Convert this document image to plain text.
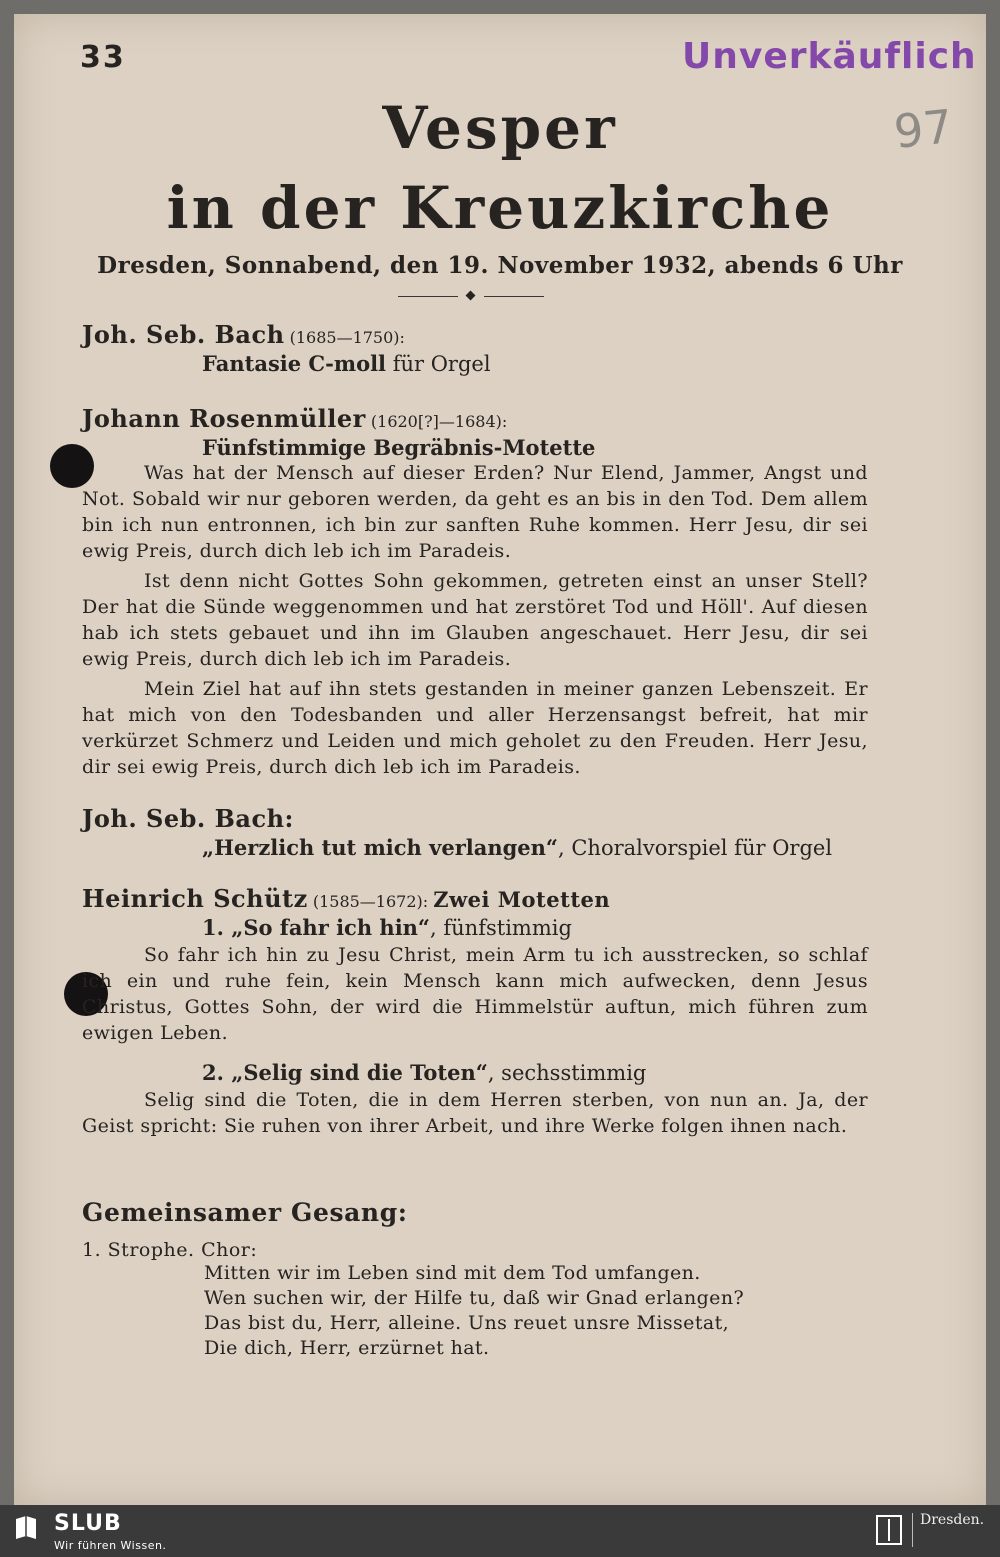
33	Unverkäuflich
97
Vesper
in der Kreuzkirche
Dresden, Sonnabend, den 19. November 1932, abends 6 Uhr
Joh. Seb. Bach (1685—1750):
Fantasie C-moll für Orgel
Johann Rosenmüller (1620[?]—1684):
Fünfstimmige Begräbnis-Motette

Was hat der Mensch auf dieser Erden? Nur Elend, Jammer, Angst und Not. Sobald wir nur geboren werden, da geht es an bis in den Tod. Dem allem bin ich nun entronnen, ich bin zur sanften Ruhe kommen. Herr Jesu, dir sei ewig Preis, durch dich leb ich im Paradeis.

Ist denn nicht Gottes Sohn gekommen, getreten einst an unser Stell? Der hat die Sünde weggenommen und hat zerstöret Tod und Höll'. Auf diesen hab ich stets gebauet und ihn im Glauben angeschauet. Herr Jesu, dir sei ewig Preis, durch dich leb ich im Paradeis.

Mein Ziel hat auf ihn stets gestanden in meiner ganzen Lebenszeit. Er hat mich von den Todesbanden und aller Herzensangst befreit, hat mir verkürzet Schmerz und Leiden und mich geholet zu den Freuden. Herr Jesu, dir sei ewig Preis, durch dich leb ich im Paradeis.

Joh. Seb. Bach:
„Herzlich tut mich verlangen“, Choralvorspiel für Orgel
Heinrich Schütz (1585—1672): Zwei Motetten
1. „So fahr ich hin“, fünfstimmig

So fahr ich hin zu Jesu Christ, mein Arm tu ich ausstrecken, so schlaf ich ein und ruhe fein, kein Mensch kann mich aufwecken, denn Jesus Christus, Gottes Sohn, der wird die Himmelstür auftun, mich führen zum ewigen Leben.

2. „Selig sind die Toten“, sechsstimmig

Selig sind die Toten, die in dem Herren sterben, von nun an. Ja, der Geist spricht: Sie ruhen von ihrer Arbeit, und ihre Werke folgen ihnen nach.

Gemeinsamer Gesang:
1. Strophe. Chor:
Mitten wir im Leben sind mit dem Tod umfangen.
Wen suchen wir, der Hilfe tu, daß wir Gnad erlangen?
Das bist du, Herr, alleine. Uns reuet unsre Missetat,
Die dich, Herr, erzürnet hat.
SLUB
Wir führen Wissen.
Dresden.
